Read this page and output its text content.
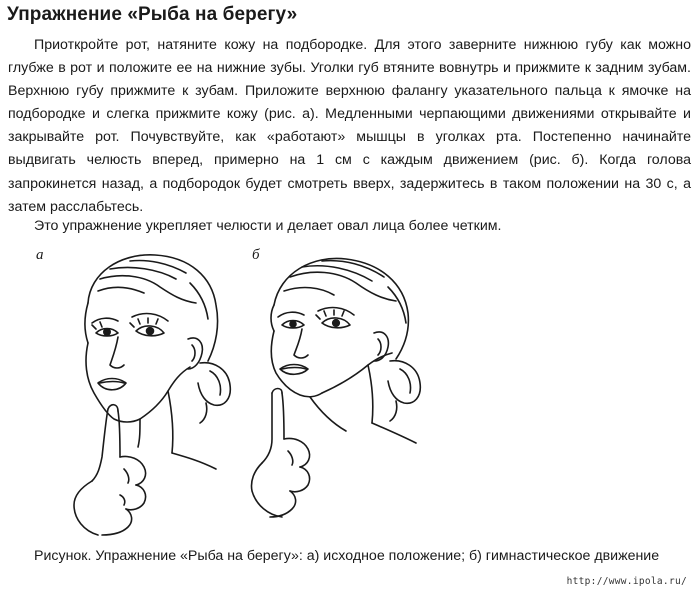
Упражнение «Рыба на берегу»
Приоткройте рот, натяните кожу на подбородке. Для этого заверните нижнюю губу как можно глубже в рот и положите ее на нижние зубы. Уголки губ втяните вовнутрь и прижмите к задним зубам. Верхнюю губу прижмите к зубам. Приложите верхнюю фалангу указательного пальца к ямочке на подбородке и слегка прижмите кожу (рис. а). Медленными черпающими движениями открывайте и закрывайте рот. Почувствуйте, как «работают» мышцы в уголках рта. Постепенно начинайте выдвигать челюсть вперед, примерно на 1 см с каждым движением (рис. б). Когда голова запрокинется назад, а подбородок будет смотреть вверх, задержитесь в таком положении на 30 с, а затем расслабьтесь.
Это упражнение укрепляет челюсти и делает овал лица более четким.
а	б
Рисунок. Упражнение «Рыба на берегу»: а) исходное положение; б) гимнастическое движение
http://www.ipola.ru/
